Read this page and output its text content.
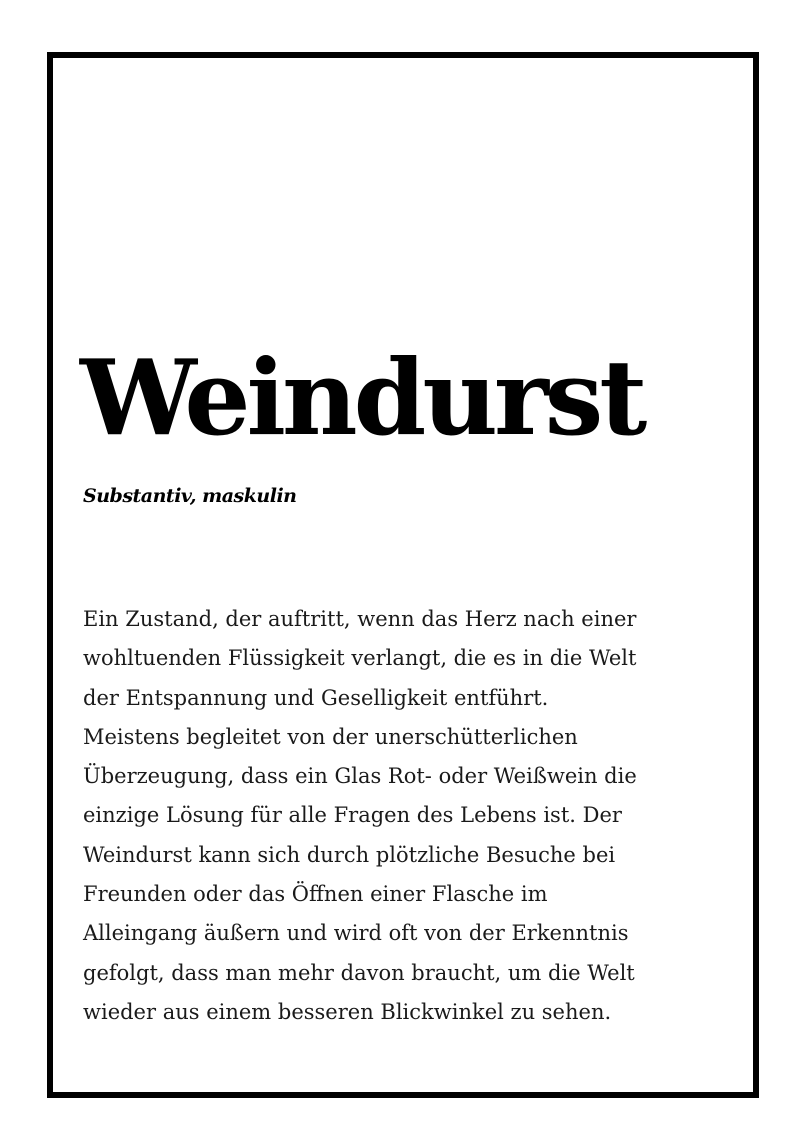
Weindurst

Substantiv, maskulin

Ein Zustand, der auftritt, wenn das Herz nach einer
wohltuenden Flüssigkeit verlangt, die es in die Welt
der Entspannung und Geselligkeit entführt.
Meistens begleitet von der unerschütterlichen
Überzeugung, dass ein Glas Rot- oder Weißwein die
einzige Lösung für alle Fragen des Lebens ist. Der
Weindurst kann sich durch plötzliche Besuche bei
Freunden oder das Öffnen einer Flasche im
Alleingang äußern und wird oft von der Erkenntnis
gefolgt, dass man mehr davon braucht, um die Welt
wieder aus einem besseren Blickwinkel zu sehen.
